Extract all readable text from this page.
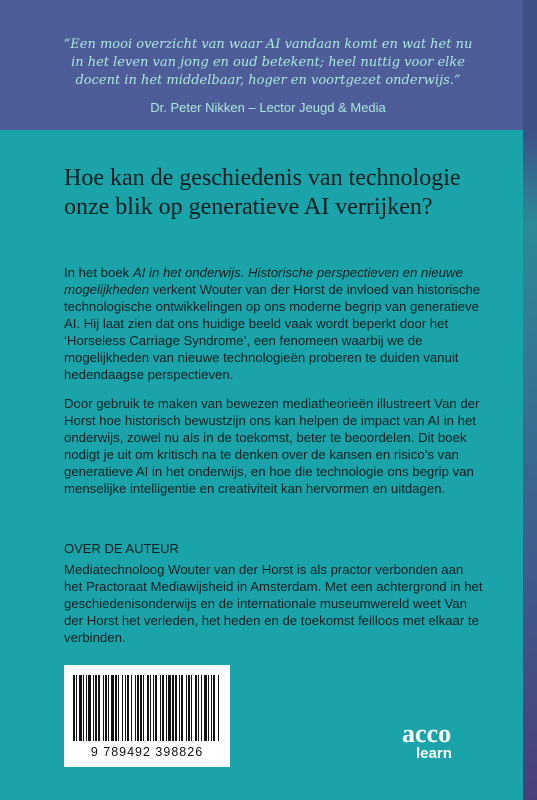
“Een mooi overzicht van waar AI vandaan komt en wat het nu in het leven van jong en oud betekent; heel nuttig voor elke docent in het middelbaar, hoger en voortgezet onderwijs.”

Dr. Peter Nikken – Lector Jeugd & Media
Hoe kan de geschiedenis van technologie onze blik op generatieve AI verrijken?

In het boek AI in het onderwijs. Historische perspectieven en nieuwe mogelijkheden verkent Wouter van der Horst de invloed van historische technologische ontwikkelingen op ons moderne begrip van generatieve AI. Hij laat zien dat ons huidige beeld vaak wordt beperkt door het ‘Horseless Carriage Syndrome’, een fenomeen waarbij we de mogelijkheden van nieuwe technologieën proberen te duiden vanuit hedendaagse perspectieven.

Door gebruik te maken van bewezen mediatheorieën illustreert Van der Horst hoe historisch bewustzijn ons kan helpen de impact van AI in het onderwijs, zowel nu als in de toekomst, beter te beoordelen. Dit boek nodigt je uit om kritisch na te denken over de kansen en risico’s van generatieve AI in het onderwijs, en hoe die technologie ons begrip van menselijke intelligentie en creativiteit kan hervormen en uitdagen.

OVER DE AUTEUR

Mediatechnoloog Wouter van der Horst is als practor verbonden aan het Practoraat Mediawijsheid in Amsterdam. Met een achtergrond in het geschiedenisonderwijs en de internationale museumwereld weet Van der Horst het verleden, het heden en de toekomst feilloos met elkaar te verbinden.

9 789492 398826
acco
learn
